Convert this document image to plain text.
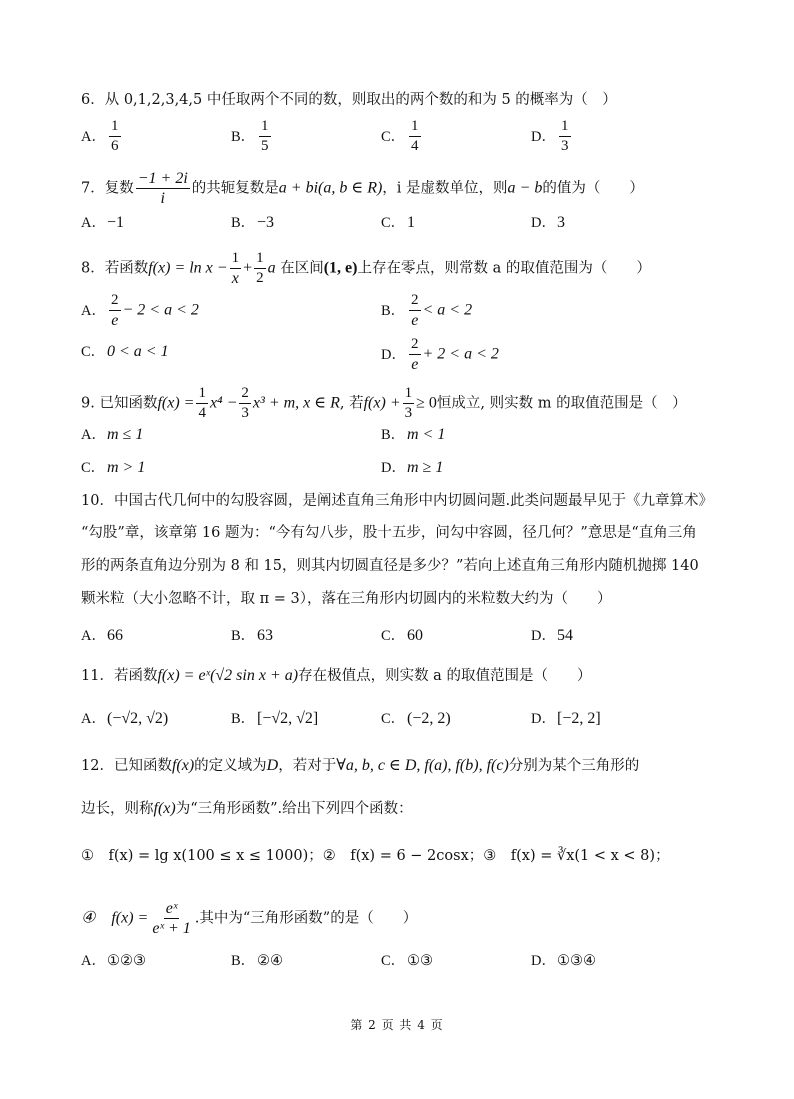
6．从 0,1,2,3,4,5 中任取两个不同的数，则取出的两个数的和为 5 的概率为（　）
A． $\frac{1}{6}$	B． $\frac{1}{5}$	C． $\frac{1}{4}$	D． $\frac{1}{3}$
7．复数 $\frac{-1 + 2i}{i}$ 的共轭复数是a + bi(a, b ∈ R)，i 是虚数单位，则a − b的值为（　　）
A．−1	B． −3	C． 1	D．3
8．若函数$f(x) = \ln x - \frac{1}{x} + \frac{1}{2}$ a 在区间(1, e)上存在零点，则常数 a 的取值范围为（　　）
A． $\frac{2}{e} - 2 < a < 2$	B． $\frac{2}{e} < a < 2$
C． 0 < a < 1	D． $\frac{2}{e} + 2 < a < 2$
9. 已知函数$f(x) = \frac{1}{4} x^4 - \frac{2}{3} x^3 + m$, x ∈ R, 若$f(x) + \frac{1}{3} \ge 0$恒成立, 则实数 m 的取值范围是（　）
A．m ≤ 1	B． m < 1
C． m > 1	D．m ≥ 1
10．中国古代几何中的勾股容圆，是阐述直角三角形中内切圆问题.此类问题最早见于《九章算术》
“勾股”章，该章第 16 题为：“今有勾八步，股十五步，问勾中容圆，径几何？”意思是“直角三角
形的两条直角边分别为 8 和 15，则其内切圆直径是多少？”若向上述直角三角形内随机抛掷 140
颗米粒（大小忽略不计，取 π = 3），落在三角形内切圆内的米粒数大约为（　　）
A．66	B． 63	C． 60	D．54
11．若函数f(x) = eˣ(√2 sin x + a)存在极值点，则实数 a 的取值范围是（　　）
A．(−√2, √2)	B． [−√2, √2]	C． (−2, 2)	D．[−2, 2]
12．已知函数f(x)的定义域为D，若对于∀a, b, c ∈ D, f(a), f(b), f(c)分别为某个三角形的
边长，则称f(x)为“三角形函数”.给出下列四个函数：
①　f(x) = lg x(100 ≤ x ≤ 1000)；②　f(x) = 6 − 2cosx；③　f(x) = ∛x(1 < x < 8)；
④　$f(x) = \frac{\text{eˣ}}{\text{eˣ + 1}}$ .其中为“三角形函数”的是（　　）
A．①②③	B． ②④	C． ①③	D．①③④
第 2 页 共 4 页
